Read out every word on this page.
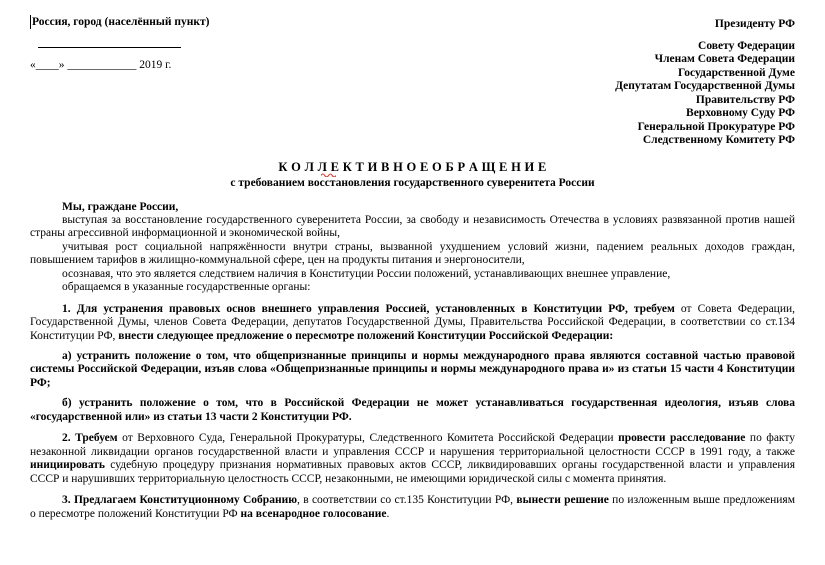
Россия, город (населённый пункт)
«____» ____________ 2019 г.
Президенту РФ
Совету Федерации
Членам Совета Федерации
Государственной Думе
Депутатам Государственной Думы
Правительству РФ
Верховному Суду РФ
Генеральной Прокуратуре РФ
Следственному Комитету РФ
К О Л Л Е К Т И В Н О Е О Б Р А Щ Е Н И Е
с требованием восстановления государственного суверенитета России

Мы, граждане России,

выступая за восстановление государственного суверенитета России, за свободу и независимость Отечества в условиях развязанной против нашей страны агрессивной информационной и экономической войны,

учитывая рост социальной напряжённости внутри страны, вызванной ухудшением условий жизни, падением реальных доходов граждан, повышением тарифов в жилищно-коммунальной сфере, цен на продукты питания и энергоносители,

осознавая, что это является следствием наличия в Конституции России положений, устанавливающих внешнее управление,

обращаемся в указанные государственные органы:

1. Для устранения правовых основ внешнего управления Россией, установленных в Конституции РФ, требуем от Совета Федерации, Государственной Думы, членов Совета Федерации, депутатов Государственной Думы, Правительства Российской Федерации, в соответствии со ст.134 Конституции РФ, внести следующее предложение о пересмотре положений Конституции Российской Федерации:

а) устранить положение о том, что общепризнанные принципы и нормы международного права являются составной частью правовой системы Российской Федерации, изъяв слова «Общепризнанные принципы и нормы международного права и» из статьи 15 части 4 Конституции РФ;

б) устранить положение о том, что в Российской Федерации не может устанавливаться государственная идеология, изъяв слова «государственной или» из статьи 13 части 2 Конституции РФ.

2. Требуем от Верховного Суда, Генеральной Прокуратуры, Следственного Комитета Российской Федерации провести расследование по факту незаконной ликвидации органов государственной власти и управления СССР и нарушения территориальной целостности СССР в 1991 году, а также инициировать судебную процедуру признания нормативных правовых актов СССР, ликвидировавших органы государственной власти и управления СССР и нарушивших территориальную целостность СССР, незаконными, не имеющими юридической силы с момента принятия.

3. Предлагаем Конституционному Собранию, в соответствии со ст.135 Конституции РФ, вынести решение по изложенным выше предложениям о пересмотре положений Конституции РФ на всенародное голосование.
